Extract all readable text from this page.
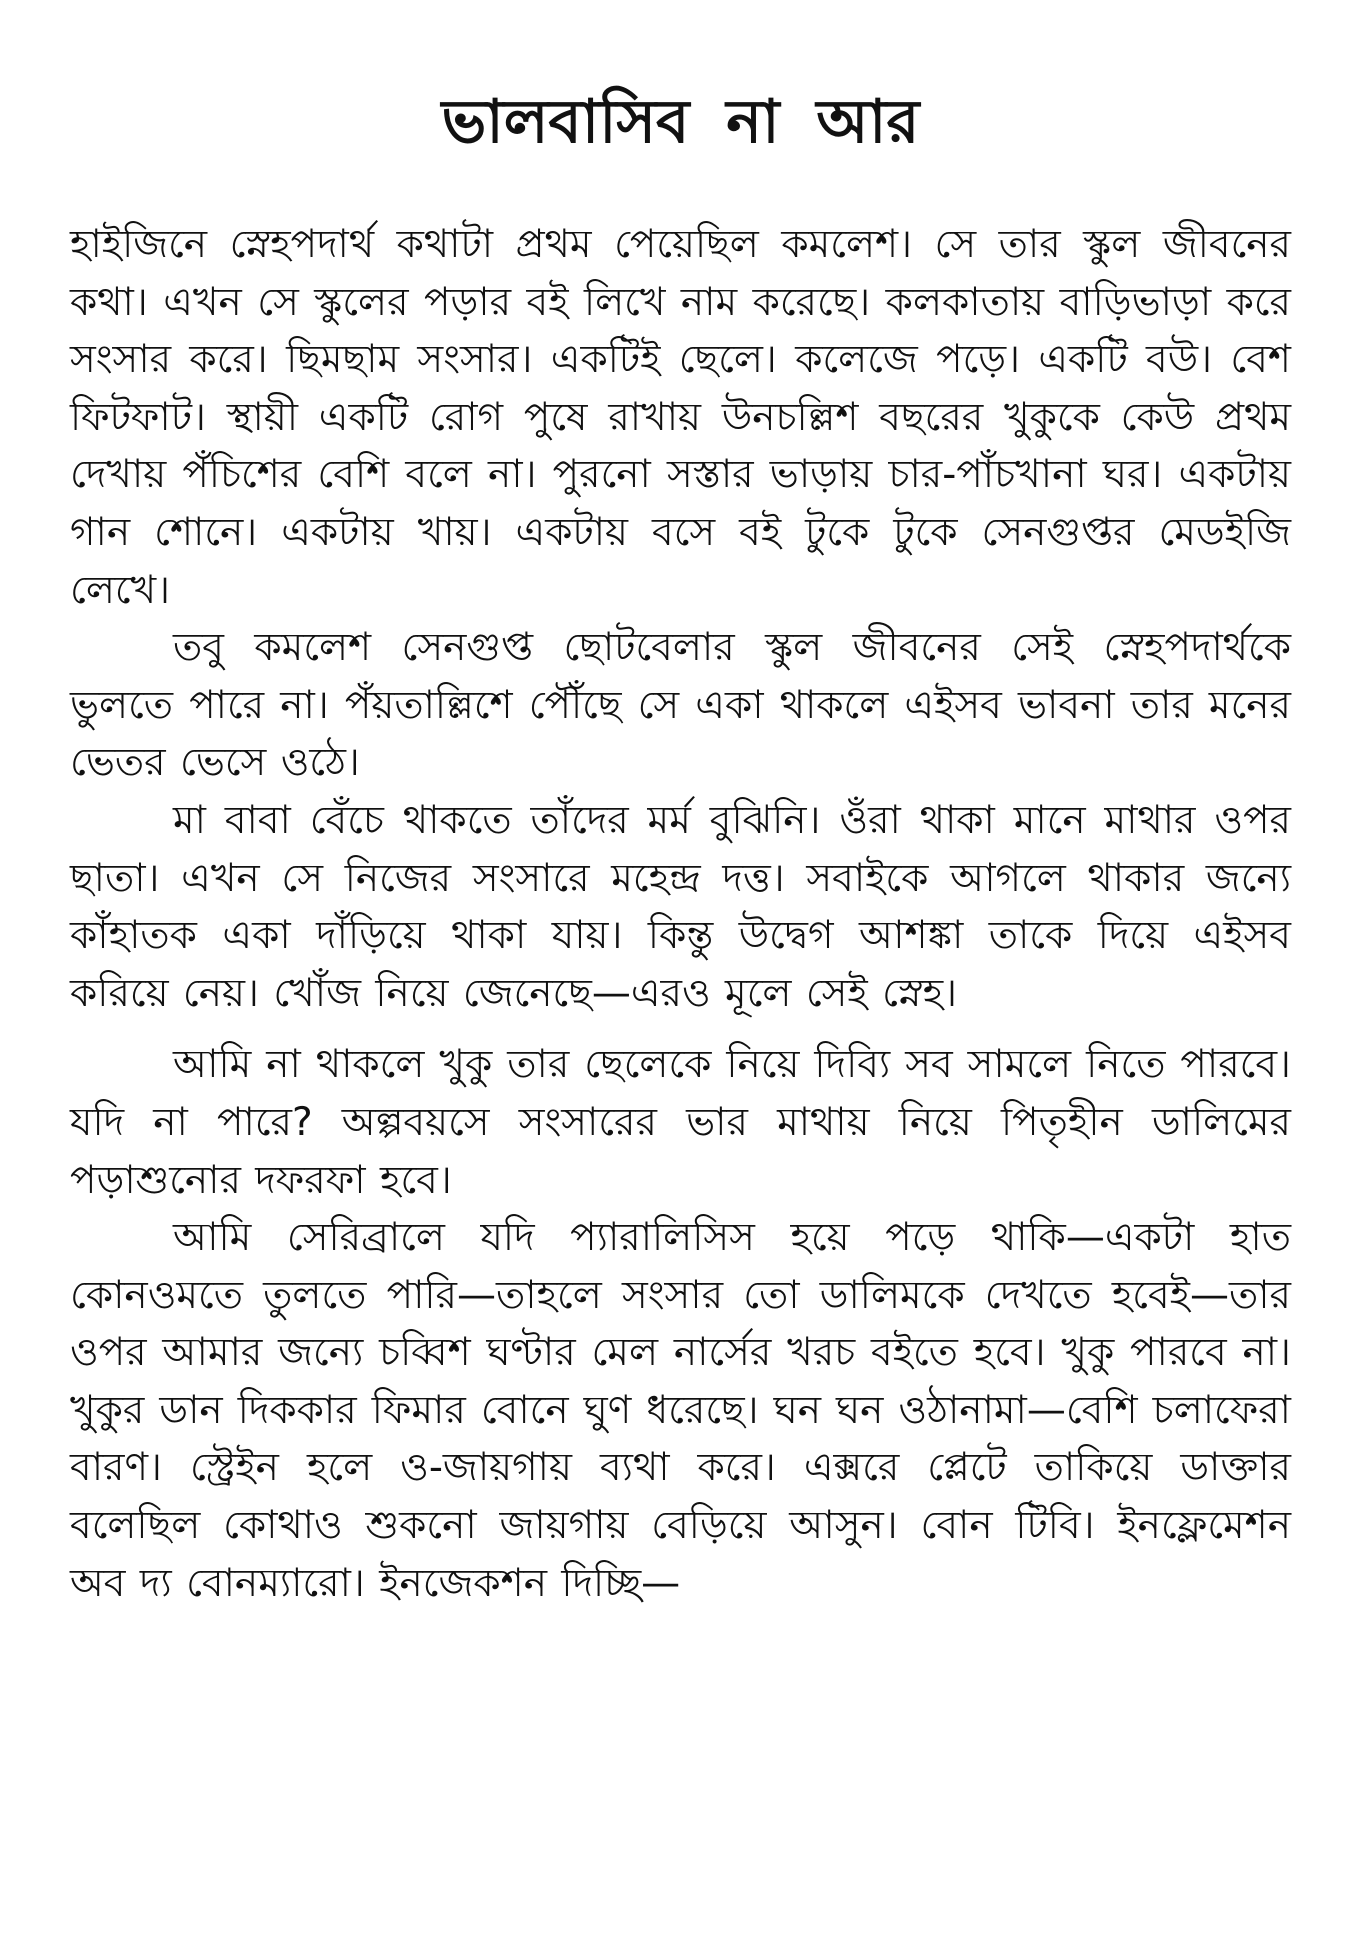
ভালবাসিব না আর

হাইজিনে স্নেহপদার্থ কথাটা প্রথম পেয়েছিল কমলেশ। সে তার স্কুল জীবনের কথা। এখন সে স্কুলের পড়ার বই লিখে নাম করেছে। কলকাতায় বাড়িভাড়া করে সংসার করে। ছিমছাম সংসার। একটিই ছেলে। কলেজে পড়ে। একটি বউ। বেশ ফিটফাট। স্থায়ী একটি রোগ পুষে রাখায় উনচল্লিশ বছরের খুকুকে কেউ প্রথম দেখায় পঁচিশের বেশি বলে না। পুরনো সস্তার ভাড়ায় চার-পাঁচখানা ঘর। একটায় গান শোনে। একটায় খায়। একটায় বসে বই টুকে টুকে সেনগুপ্তর মেডইজি লেখে।

তবু কমলেশ সেনগুপ্ত ছোটবেলার স্কুল জীবনের সেই স্নেহপদার্থকে ভুলতে পারে না। পঁয়তাল্লিশে পৌঁছে সে একা থাকলে এইসব ভাবনা তার মনের ভেতর ভেসে ওঠে।

মা বাবা বেঁচে থাকতে তাঁদের মর্ম বুঝিনি। ওঁরা থাকা মানে মাথার ওপর ছাতা। এখন সে নিজের সংসারে মহেন্দ্র দত্ত। সবাইকে আগলে থাকার জন্যে কাঁহাতক একা দাঁড়িয়ে থাকা যায়। কিন্তু উদ্বেগ আশঙ্কা তাকে দিয়ে এইসব করিয়ে নেয়। খোঁজ নিয়ে জেনেছে—এরও মূলে সেই স্নেহ।

আমি না থাকলে খুকু তার ছেলেকে নিয়ে দিব্যি সব সামলে নিতে পারবে। যদি না পারে? অল্পবয়সে সংসারের ভার মাথায় নিয়ে পিতৃহীন ডালিমের পড়াশুনোর দফরফা হবে।

আমি সেরিব্রালে যদি প্যারালিসিস হয়ে পড়ে থাকি—একটা হাত কোনওমতে তুলতে পারি—তাহলে সংসার তো ডালিমকে দেখতে হবেই—তার ওপর আমার জন্যে চব্বিশ ঘণ্টার মেল নার্সের খরচ বইতে হবে। খুকু পারবে না। খুকুর ডান দিককার ফিমার বোনে ঘুণ ধরেছে। ঘন ঘন ওঠানামা—বেশি চলাফেরা বারণ। স্ট্রেইন হলে ও-জায়গায় ব্যথা করে। এক্সরে প্লেটে তাকিয়ে ডাক্তার বলেছিল কোথাও শুকনো জায়গায় বেড়িয়ে আসুন। বোন টিবি। ইনফ্লেমেশন অব দ্য বোনম্যারো। ইনজেকশন দিচ্ছি—
